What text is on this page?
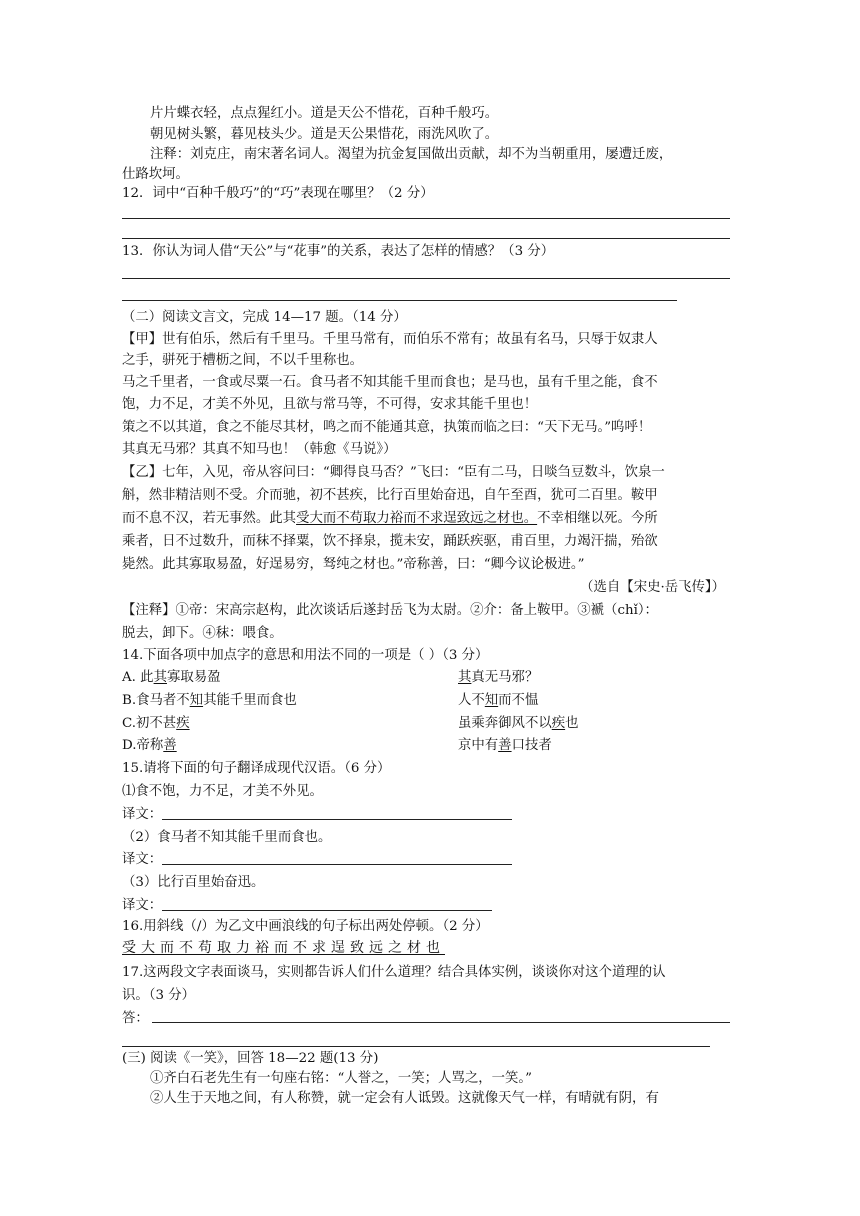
片片蝶衣轻，点点猩红小。道是天公不惜花，百种千般巧。
朝见树头繁，暮见枝头少。道是天公果惜花，雨洗风吹了。
注释：刘克庄，南宋著名词人。渴望为抗金复国做出贡献，却不为当朝重用，屡遭迁废，
仕路坎坷。
12．词中“百种千般巧”的“巧”表现在哪里？（2 分）
13．你认为词人借“天公”与“花事”的关系，表达了怎样的情感？（3 分）
（二）阅读文言文，完成 14—17 题。（14 分）
【甲】世有伯乐，然后有千里马。千里马常有，而伯乐不常有；故虽有名马，只辱于奴隶人
之手，骈死于槽枥之间，不以千里称也。
马之千里者，一食或尽粟一石。食马者不知其能千里而食也；是马也，虽有千里之能，食不
饱，力不足，才美不外见，且欲与常马等，不可得，安求其能千里也！
策之不以其道，食之不能尽其材，鸣之而不能通其意，执策而临之曰：“天下无马。”呜呼！
其真无马邪？其真不知马也！（韩愈《马说》）
【乙】七年，入见，帝从容问曰：“卿得良马否？”飞曰：“臣有二马，日啖刍豆数斗，饮泉一
斛，然非精洁则不受。介而驰，初不甚疾，比行百里始奋迅，自午至酉，犹可二百里。鞍甲
而不息不汉，若无事然。此其受大而不苟取力裕而不求逞致远之材也。不幸相继以死。今所
乘者，日不过数升，而秣不择粟，饮不择泉，揽未安，踊跃疾驱，甫百里，力竭汗揣，殆欲
毙然。此其寡取易盈，好逞易穷，驽纯之材也。”帝称善，曰：“卿今议论极进。”
（选自【宋史·岳飞传】）
【注释】①帝：宋高宗赵构，此次谈话后遂封岳飞为太尉。②介：备上鞍甲。③褫（chǐ）：
脱去，卸下。④秣：喂食。
14.下面各项中加点字的意思和用法不同的一项是（ ）（3 分）
A. 此其寡取易盈	其真无马邪？
B.食马者不知其能千里而食也	人不知而不愠
C.初不甚疾	虽乘奔御风不以疾也
D.帝称善	京中有善口技者
15.请将下面的句子翻译成现代汉语。（6 分）
⑴食不饱，力不足，才美不外见。
译文：
（2）食马者不知其能千里而食也。
译文：
（3）比行百里始奋迅。
译文：
16.用斜线（/）为乙文中画浪线的句子标出两处停顿。（2 分）
受大而不苟取力裕而不求逞致远之材也
17.这两段文字表面谈马，实则都告诉人们什么道理？结合具体实例，谈谈你对这个道理的认
识。（3 分）
答：
(三) 阅读《一笑》，回答 18—22 题(13 分)
①齐白石老先生有一句座右铭：“人誉之，一笑；人骂之，一笑。”
②人生于天地之间，有人称赞，就一定会有人诋毁。这就像天气一样，有晴就有阴，有
